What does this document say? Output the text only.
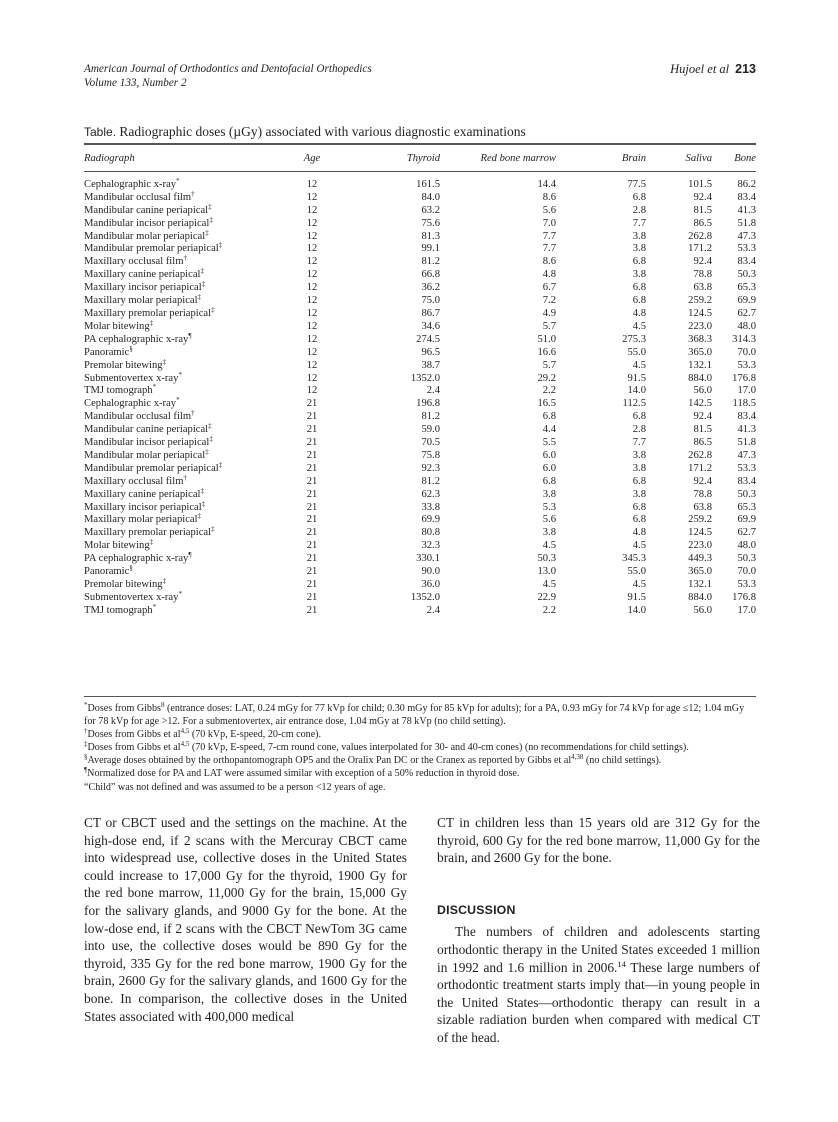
American Journal of Orthodontics and Dentofacial Orthopedics
Volume 133, Number 2
Hujoel et al 213
Table. Radiographic doses (µGy) associated with various diagnostic examinations
Radiograph	Age	Thyroid	Red bone marrow	Brain	Saliva	Bone
Cephalographic x-ray*	12	161.5	14.4	77.5	101.5	86.2
Mandibular occlusal film†	12	84.0	8.6	6.8	92.4	83.4
Mandibular canine periapical‡	12	63.2	5.6	2.8	81.5	41.3
Mandibular incisor periapical‡	12	75.6	7.0	7.7	86.5	51.8
Mandibular molar periapical‡	12	81.3	7.7	3.8	262.8	47.3
Mandibular premolar periapical‡	12	99.1	7.7	3.8	171.2	53.3
Maxillary occlusal film†	12	81.2	8.6	6.8	92.4	83.4
Maxillary canine periapical‡	12	66.8	4.8	3.8	78.8	50.3
Maxillary incisor periapical‡	12	36.2	6.7	6.8	63.8	65.3
Maxillary molar periapical‡	12	75.0	7.2	6.8	259.2	69.9
Maxillary premolar periapical‡	12	86.7	4.9	4.8	124.5	62.7
Molar bitewing‡	12	34.6	5.7	4.5	223.0	48.0
PA cephalographic x-ray¶	12	274.5	51.0	275.3	368.3	314.3
Panoramic§	12	96.5	16.6	55.0	365.0	70.0
Premolar bitewing‡	12	38.7	5.7	4.5	132.1	53.3
Submentovertex x-ray*	12	1352.0	29.2	91.5	884.0	176.8
TMJ tomograph*	12	2.4	2.2	14.0	56.0	17.0
Cephalographic x-ray*	21	196.8	16.5	112.5	142.5	118.5
Mandibular occlusal film†	21	81.2	6.8	6.8	92.4	83.4
Mandibular canine periapical‡	21	59.0	4.4	2.8	81.5	41.3
Mandibular incisor periapical‡	21	70.5	5.5	7.7	86.5	51.8
Mandibular molar periapical‡	21	75.8	6.0	3.8	262.8	47.3
Mandibular premolar periapical‡	21	92.3	6.0	3.8	171.2	53.3
Maxillary occlusal film†	21	81.2	6.8	6.8	92.4	83.4
Maxillary canine periapical‡	21	62.3	3.8	3.8	78.8	50.3
Maxillary incisor periapical‡	21	33.8	5.3	6.8	63.8	65.3
Maxillary molar periapical‡	21	69.9	5.6	6.8	259.2	69.9
Maxillary premolar periapical‡	21	80.8	3.8	4.8	124.5	62.7
Molar bitewing‡	21	32.3	4.5	4.5	223.0	48.0
PA cephalographic x-ray¶	21	330.1	50.3	345.3	449.3	50.3
Panoramic§	21	90.0	13.0	55.0	365.0	70.0
Premolar bitewing‡	21	36.0	4.5	4.5	132.1	53.3
Submentovertex x-ray*	21	1352.0	22.9	91.5	884.0	176.8
TMJ tomograph*	21	2.4	2.2	14.0	56.0	17.0

*Doses from Gibbs$^8$ (entrance doses: LAT, 0.24 mGy for 77 kVp for child; 0.30 mGy for 85 kVp for adults); for a PA, 0.93 mGy for 74 kVp for age ≤12; 1.04 mGy for 78 kVp for age >12. For a submentovertex, air entrance dose, 1.04 mGy at 78 kVp (no child setting).

†Doses from Gibbs et al$^{4,5}$ (70 kVp, E-speed, 20-cm cone).

‡Doses from Gibbs et al$^{4,5}$ (70 kVp, E-speed, 7-cm round cone, values interpolated for 30- and 40-cm cones) (no recommendations for child settings).

§Average doses obtained by the orthopantomograph OP5 and the Oralix Pan DC or the Cranex as reported by Gibbs et al$^{4,38}$ (no child settings).

¶Normalized dose for PA and LAT were assumed similar with exception of a 50% reduction in thyroid dose.

“Child” was not defined and was assumed to be a person <12 years of age.

CT or CBCT used and the settings on the machine. At the high-dose end, if 2 scans with the Mercuray CBCT came into widespread use, collective doses in the United States could increase to 17,000 Gy for the thyroid, 1900 Gy for the red bone marrow, 11,000 Gy for the brain, 15,000 Gy for the salivary glands, and 9000 Gy for the bone. At the low-dose end, if 2 scans with the CBCT NewTom 3G came into use, the collective doses would be 890 Gy for the thyroid, 335 Gy for the red bone marrow, 1900 Gy for the brain, 2600 Gy for the salivary glands, and 1600 Gy for the bone. In comparison, the collective doses in the United States associated with 400,000 medical

CT in children less than 15 years old are 312 Gy for the thyroid, 600 Gy for the red bone marrow, 11,000 Gy for the brain, and 2600 Gy for the bone.

DISCUSSION

The numbers of children and adolescents starting orthodontic therapy in the United States exceeded 1 million in 1992 and 1.6 million in 2006.14 These large numbers of orthodontic treatment starts imply that—in young people in the United States—orthodontic therapy can result in a sizable radiation burden when compared with medical CT of the head.
